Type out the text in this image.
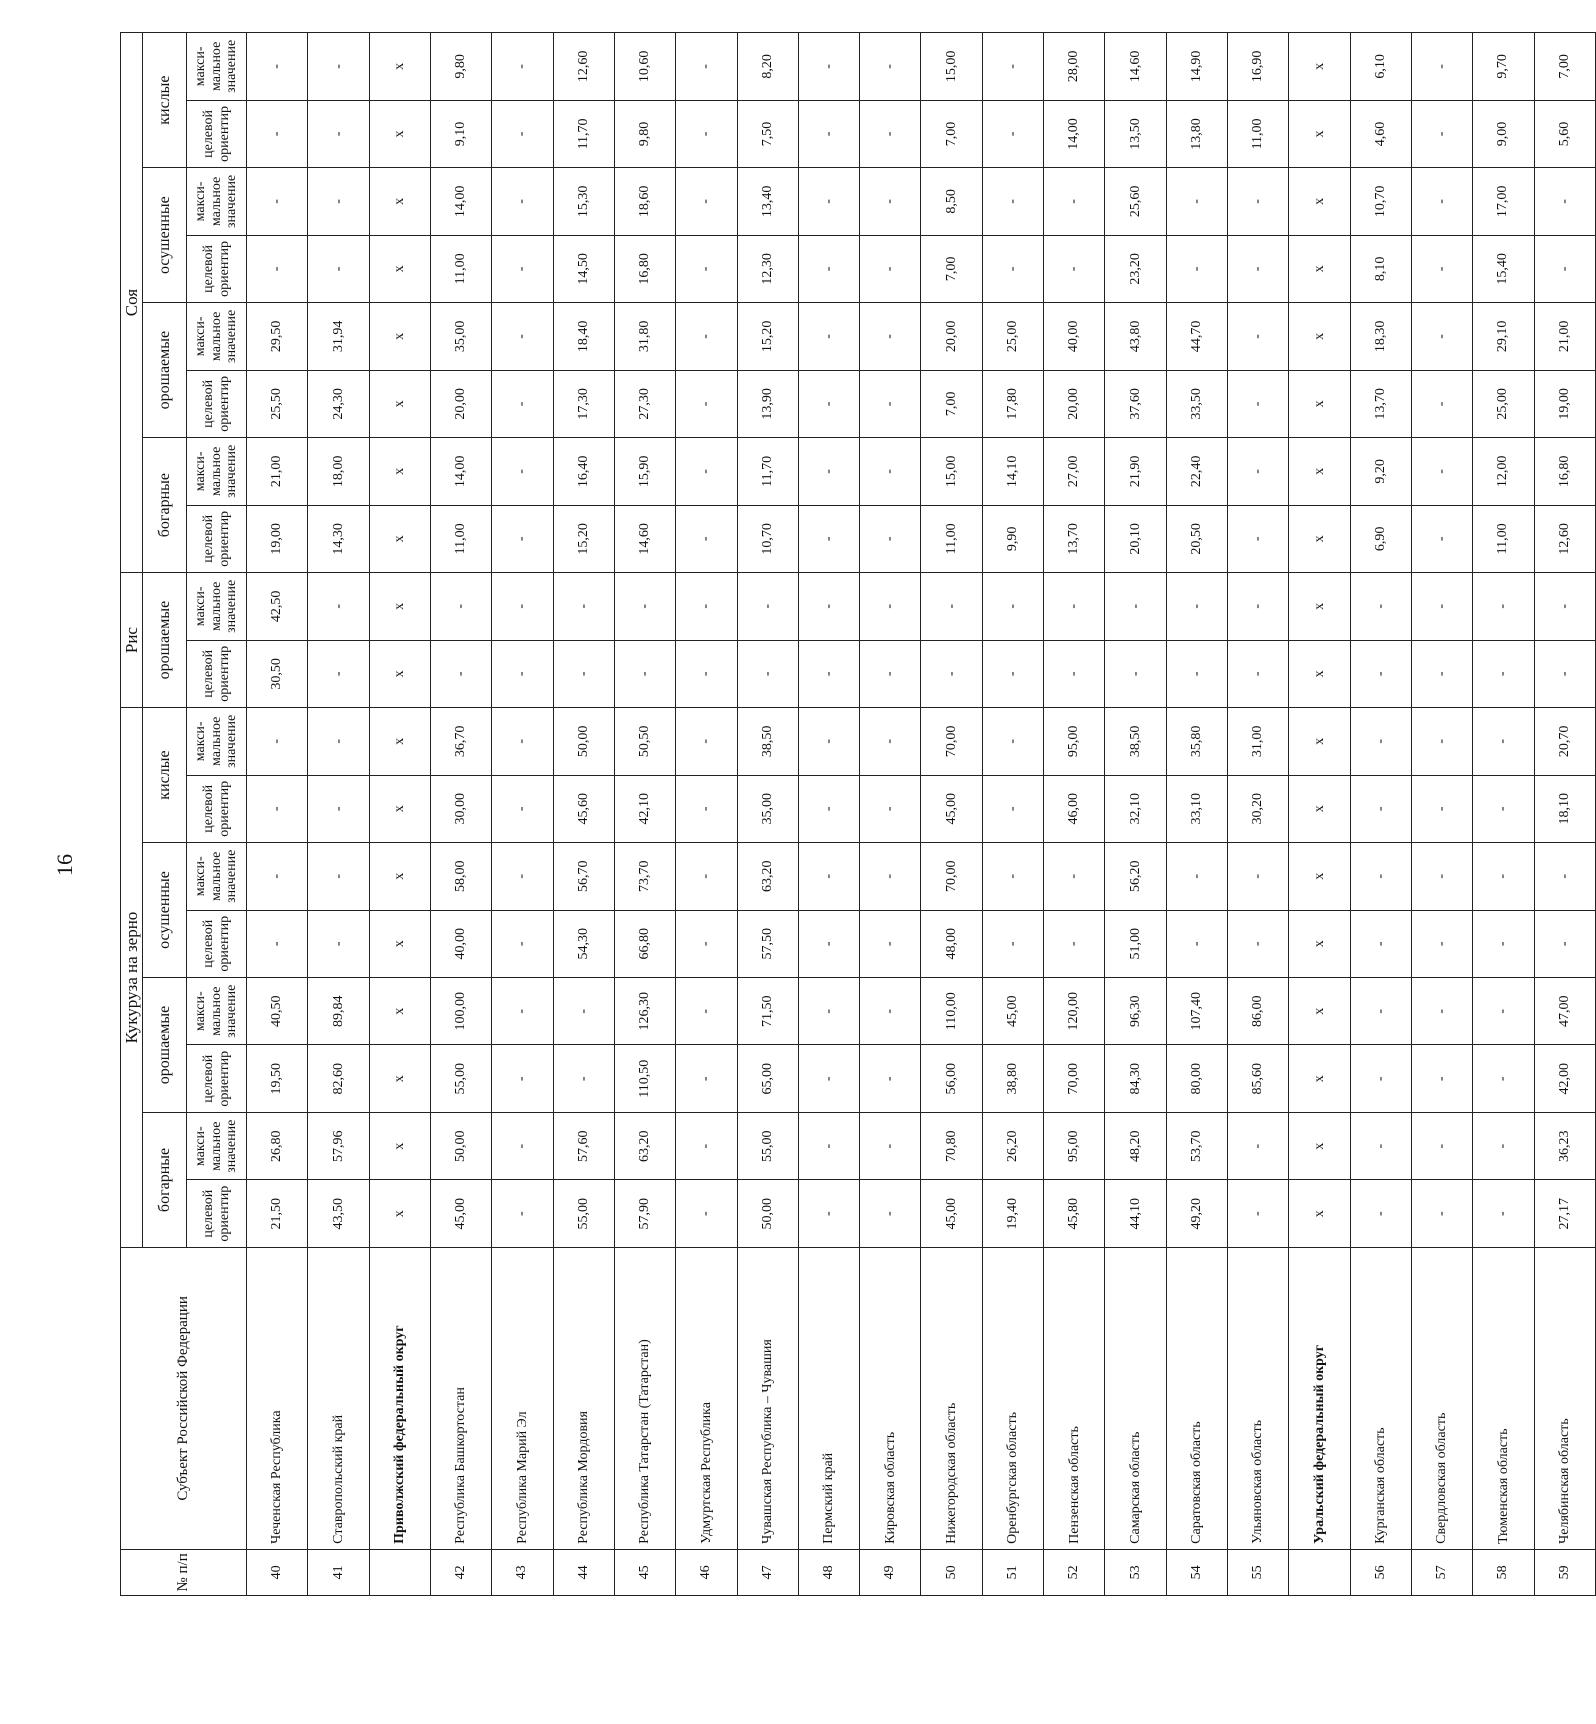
16
№ п/п	Субъект Российской Федерации	Кукуруза на зерно								Рис		Соя							
		богарные		орошаемые		осушенные		кислые		орошаемые		богарные		орошаемые		осушенные		кислые	
		целевой ориентир	макси- мальное значение	целевой ориентир	макси- мальное значение	целевой ориентир	макси- мальное значение	целевой ориентир	макси- мальное значение	целевой ориентир	макси- мальное значение	целевой ориентир	макси- мальное значение	целевой ориентир	макси- мальное значение	целевой ориентир	макси- мальное значение	целевой ориентир	макси- мальное значение
40	Чеченская Республика	21,50	26,80	19,50	40,50	-	-	-	-	30,50	42,50	19,00	21,00	25,50	29,50	-	-	-	-
41	Ставропольский край	43,50	57,96	82,60	89,84	-	-	-	-	-	-	14,30	18,00	24,30	31,94	-	-	-	-
	Приволжский федеральный округ	x	x	x	x	x	x	x	x	x	x	x	x	x	x	x	x	x	x
42	Республика Башкортостан	45,00	50,00	55,00	100,00	40,00	58,00	30,00	36,70	-	-	11,00	14,00	20,00	35,00	11,00	14,00	9,10	9,80
43	Республика Марий Эл	-	-	-	-	-	-	-	-	-	-	-	-	-	-	-	-	-	-
44	Республика Мордовия	55,00	57,60	-	-	54,30	56,70	45,60	50,00	-	-	15,20	16,40	17,30	18,40	14,50	15,30	11,70	12,60
45	Республика Татарстан (Татарстан)	57,90	63,20	110,50	126,30	66,80	73,70	42,10	50,50	-	-	14,60	15,90	27,30	31,80	16,80	18,60	9,80	10,60
46	Удмуртская Республика	-	-	-	-	-	-	-	-	-	-	-	-	-	-	-	-	-	-
47	Чувашская Республика – Чувашия	50,00	55,00	65,00	71,50	57,50	63,20	35,00	38,50	-	-	10,70	11,70	13,90	15,20	12,30	13,40	7,50	8,20
48	Пермский край	-	-	-	-	-	-	-	-	-	-	-	-	-	-	-	-	-	-
49	Кировская область	-	-	-	-	-	-	-	-	-	-	-	-	-	-	-	-	-	-
50	Нижегородская область	45,00	70,80	56,00	110,00	48,00	70,00	45,00	70,00	-	-	11,00	15,00	7,00	20,00	7,00	8,50	7,00	15,00
51	Оренбургская область	19,40	26,20	38,80	45,00	-	-	-	-	-	-	9,90	14,10	17,80	25,00	-	-	-	-
52	Пензенская область	45,80	95,00	70,00	120,00	-	-	46,00	95,00	-	-	13,70	27,00	20,00	40,00	-	-	14,00	28,00
53	Самарская область	44,10	48,20	84,30	96,30	51,00	56,20	32,10	38,50	-	-	20,10	21,90	37,60	43,80	23,20	25,60	13,50	14,60
54	Саратовская область	49,20	53,70	80,00	107,40	-	-	33,10	35,80	-	-	20,50	22,40	33,50	44,70	-	-	13,80	14,90
55	Ульяновская область	-	-	85,60	86,00	-	-	30,20	31,00	-	-	-	-	-	-	-	-	11,00	16,90
	Уральский федеральный округ	x	x	x	x	x	x	x	x	x	x	x	x	x	x	x	x	x	x
56	Курганская область	-	-	-	-	-	-	-	-	-	-	6,90	9,20	13,70	18,30	8,10	10,70	4,60	6,10
57	Свердловская область	-	-	-	-	-	-	-	-	-	-	-	-	-	-	-	-	-	-
58	Тюменская область	-	-	-	-	-	-	-	-	-	-	11,00	12,00	25,00	29,10	15,40	17,00	9,00	9,70
59	Челябинская область	27,17	36,23	42,00	47,00	-	-	18,10	20,70	-	-	12,60	16,80	19,00	21,00	-	-	5,60	7,00
